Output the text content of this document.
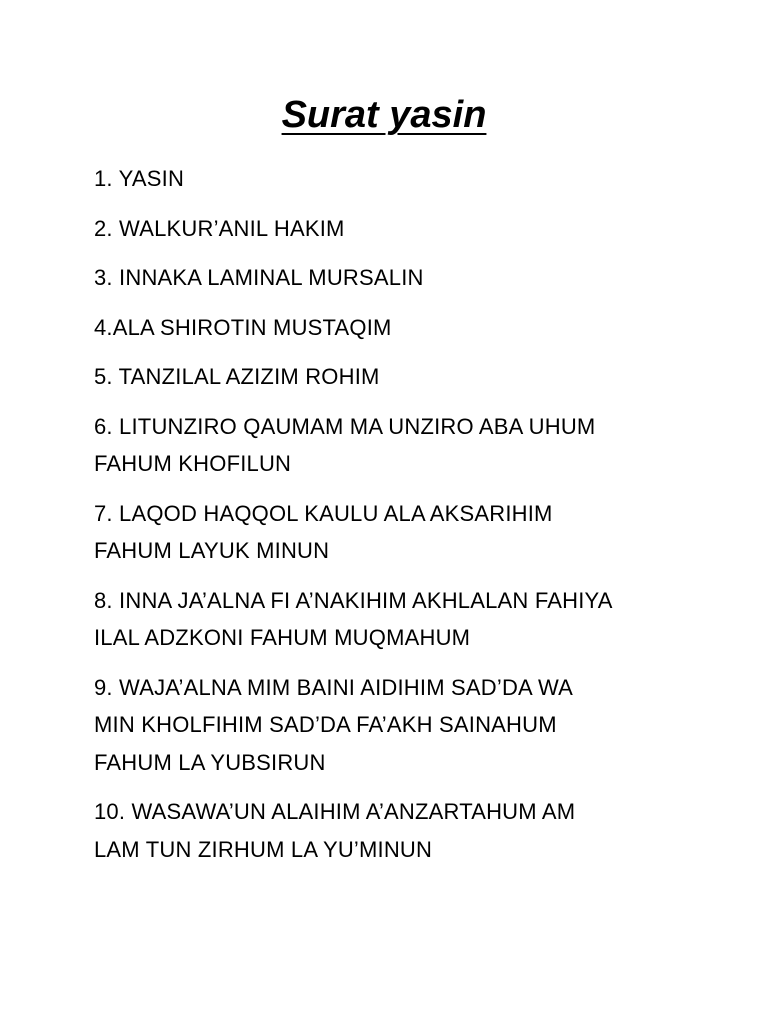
Surat yasin
1. YASIN
2. WALKUR’ANIL HAKIM
3. INNAKA LAMINAL MURSALIN
4.ALA SHIROTIN MUSTAQIM
5. TANZILAL AZIZIM ROHIM
6. LITUNZIRO QAUMAM MA UNZIRO ABA UHUM
FAHUM KHOFILUN
7. LAQOD HAQQOL KAULU ALA AKSARIHIM
FAHUM LAYUK MINUN
8. INNA JA’ALNA FI A’NAKIHIM AKHLALAN FAHIYA
ILAL ADZKONI FAHUM MUQMAHUM
9. WAJA’ALNA MIM BAINI AIDIHIM SAD’DA WA
MIN KHOLFIHIM SAD’DA FA’AKH SAINAHUM
FAHUM LA YUBSIRUN
10. WASAWA’UN ALAIHIM A’ANZARTAHUM AM
LAM TUN ZIRHUM LA YU’MINUN
